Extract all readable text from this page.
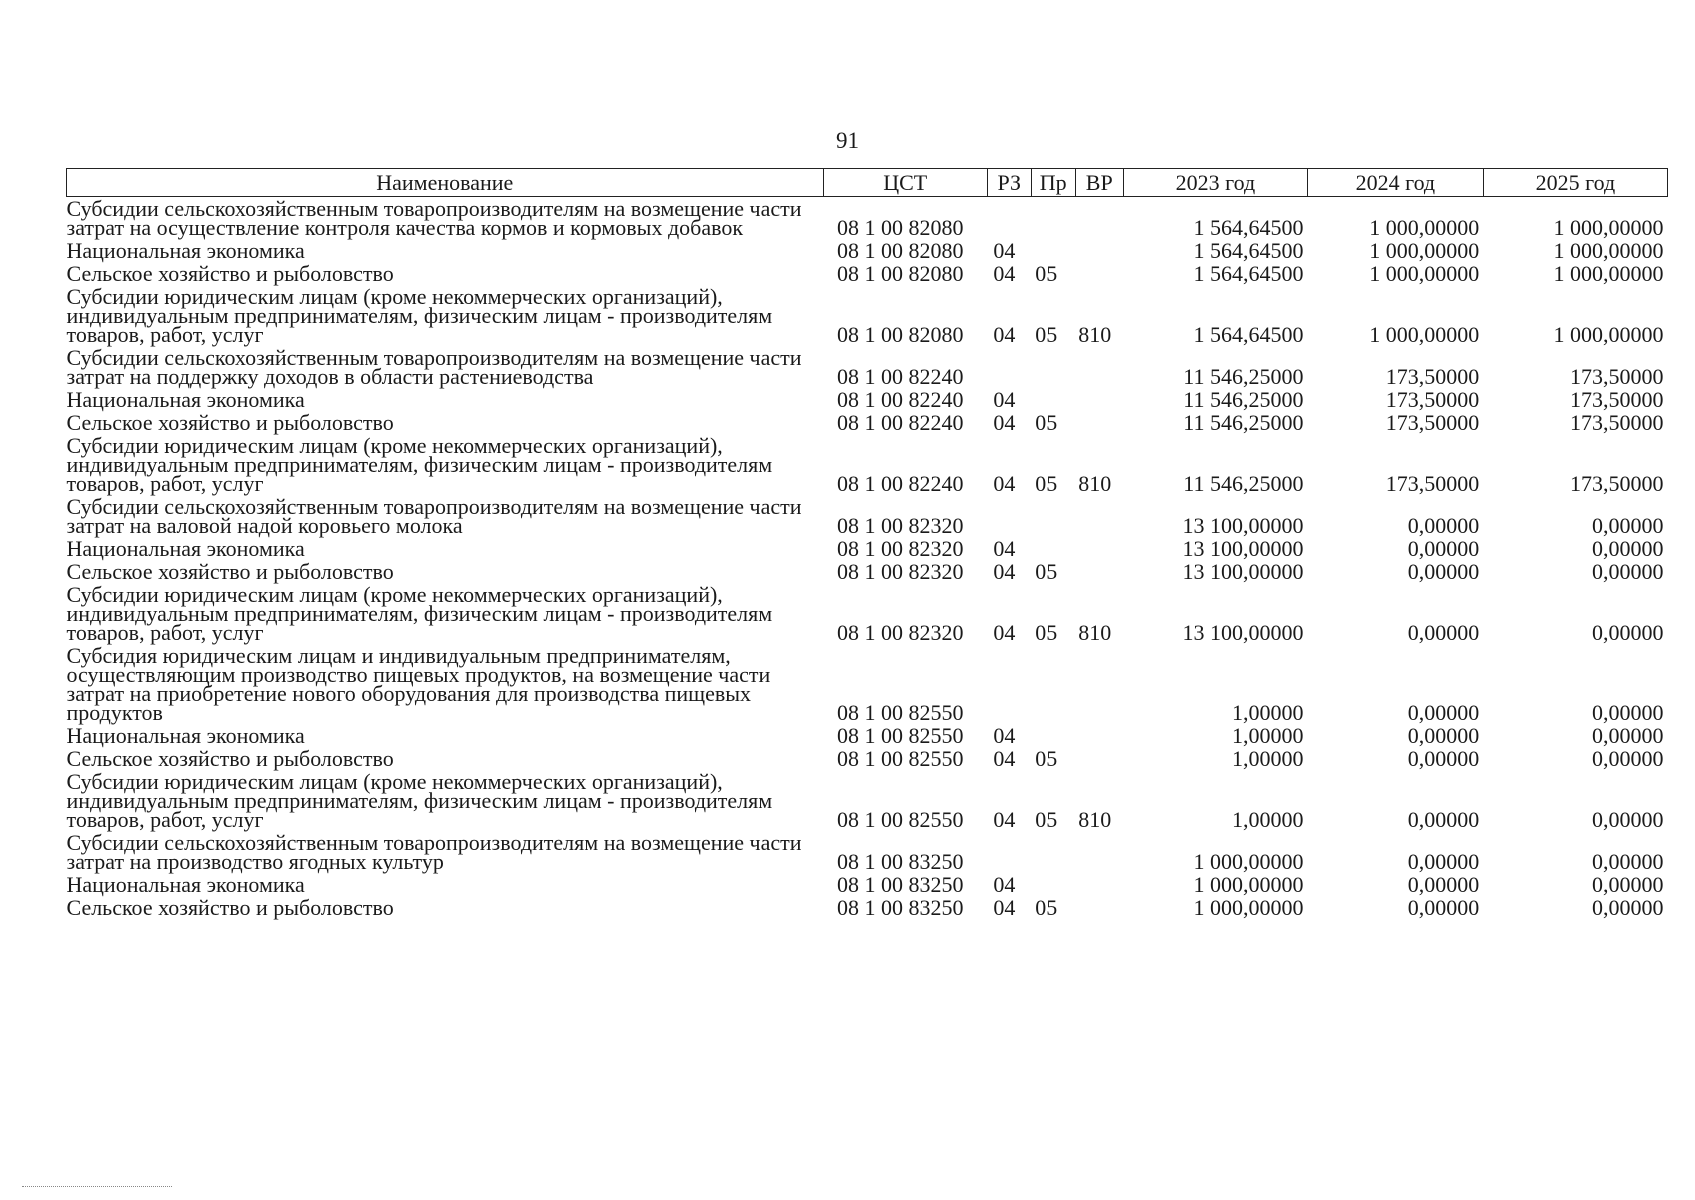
91
Наименование	ЦСТ	РЗ	Пр	ВР	2023 год	2024 год	2025 год
Субсидии сельскохозяйственным товаропроизводителям на возмещение части затрат на осуществление контроля качества кормов и кормовых добавок	08 1 00 82080				1 564,64500	1 000,00000	1 000,00000
Национальная экономика	08 1 00 82080	04			1 564,64500	1 000,00000	1 000,00000
Сельское хозяйство и рыболовство	08 1 00 82080	04	05		1 564,64500	1 000,00000	1 000,00000
Субсидии юридическим лицам (кроме некоммерческих организаций), индивидуальным предпринимателям, физическим лицам - производителям товаров, работ, услуг	08 1 00 82080	04	05	810	1 564,64500	1 000,00000	1 000,00000
Субсидии сельскохозяйственным товаропроизводителям на возмещение части затрат на поддержку доходов в области растениеводства	08 1 00 82240				11 546,25000	173,50000	173,50000
Национальная экономика	08 1 00 82240	04			11 546,25000	173,50000	173,50000
Сельское хозяйство и рыболовство	08 1 00 82240	04	05		11 546,25000	173,50000	173,50000
Субсидии юридическим лицам (кроме некоммерческих организаций), индивидуальным предпринимателям, физическим лицам - производителям товаров, работ, услуг	08 1 00 82240	04	05	810	11 546,25000	173,50000	173,50000
Субсидии сельскохозяйственным товаропроизводителям на возмещение части затрат на валовой надой коровьего молока	08 1 00 82320				13 100,00000	0,00000	0,00000
Национальная экономика	08 1 00 82320	04			13 100,00000	0,00000	0,00000
Сельское хозяйство и рыболовство	08 1 00 82320	04	05		13 100,00000	0,00000	0,00000
Субсидии юридическим лицам (кроме некоммерческих организаций), индивидуальным предпринимателям, физическим лицам - производителям товаров, работ, услуг	08 1 00 82320	04	05	810	13 100,00000	0,00000	0,00000
Субсидия юридическим лицам и индивидуальным предпринимателям, осуществляющим производство пищевых продуктов, на возмещение части затрат на приобретение нового оборудования для производства пищевых продуктов	08 1 00 82550				1,00000	0,00000	0,00000
Национальная экономика	08 1 00 82550	04			1,00000	0,00000	0,00000
Сельское хозяйство и рыболовство	08 1 00 82550	04	05		1,00000	0,00000	0,00000
Субсидии юридическим лицам (кроме некоммерческих организаций), индивидуальным предпринимателям, физическим лицам - производителям товаров, работ, услуг	08 1 00 82550	04	05	810	1,00000	0,00000	0,00000
Субсидии сельскохозяйственным товаропроизводителям на возмещение части затрат на производство ягодных культур	08 1 00 83250				1 000,00000	0,00000	0,00000
Национальная экономика	08 1 00 83250	04			1 000,00000	0,00000	0,00000
Сельское хозяйство и рыболовство	08 1 00 83250	04	05		1 000,00000	0,00000	0,00000
